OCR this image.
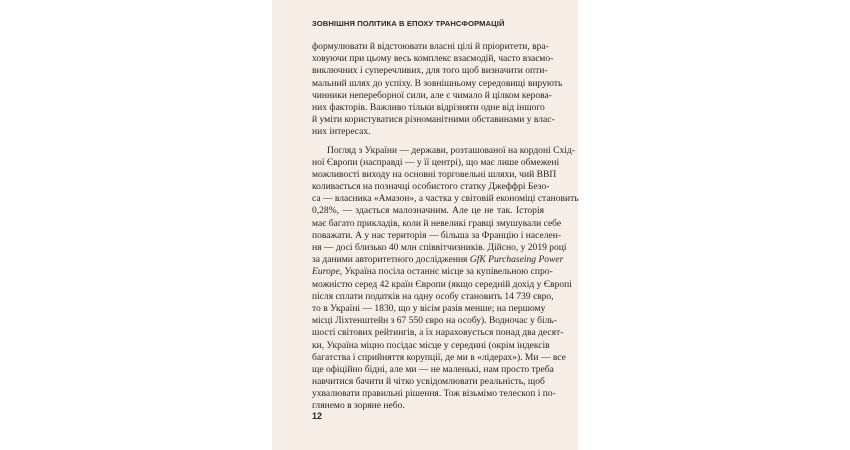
ЗОВНІШНЯ ПОЛІТИКА В ЕПОХУ ТРАНСФОРМАЦІЙ
формулювати й відстоювати власні цілі й пріоритети, вра-
ховуючи при цьому весь комплекс взаємодій, часто взаємо-
виключних і суперечливих, для того щоб визначити опти-
мальний шлях до успіху. В зовнішньому середовищі вирують
чинники непереборної сили, але є чимало й цілком керова-
них факторів. Важливо тільки відрізняти одне від іншого
й уміти користуватися різноманітними обставинами у влас-
них інтересах.
Погляд з України — держави, розташованої на кордоні Схід-
ної Європи (насправді — у її центрі), що має лише обмежені
можливості виходу на основні торговельні шляхи, чий ВВП
коливається на позначці особистого статку Джеффрі Безо-
са — власника «Амазон», а частка у світовій економіці становить
0,28%, — здається малозначним. Але це не так. Історія
має багато прикладів, коли й невеликі гравці змушували себе
поважати. А у нас територія — більша за Францію і населен-
ня — досі близько 40 млн співвітчизників. Дійсно, у 2019 році
за даними авторитетного дослідження GfK Purchaseing Power
Europe, Україна посіла останнє місце за купівельною спро-
можністю серед 42 країн Європи (якщо середній дохід у Європі
після сплати податків на одну особу становить 14 739 євро,
то в Україні — 1830, що у вісім разів менше; на першому
місці Ліхтенштейн з 67 550 євро на особу). Водночас у біль-
шості світових рейтингів, а їх нараховується понад два десят-
ки, Україна міцно посідає місце у середині (окрім індексів
багатства і сприйняття корупції, де ми в «лідерах»). Ми — все
ще офіційно бідні, але ми — не маленькі, нам просто треба
навчитися бачити й чітко усвідомлювати реальність, щоб
ухвалювати правильні рішення. Тож візьмімо телескоп і по-
глянемо в зоряне небо.
12
